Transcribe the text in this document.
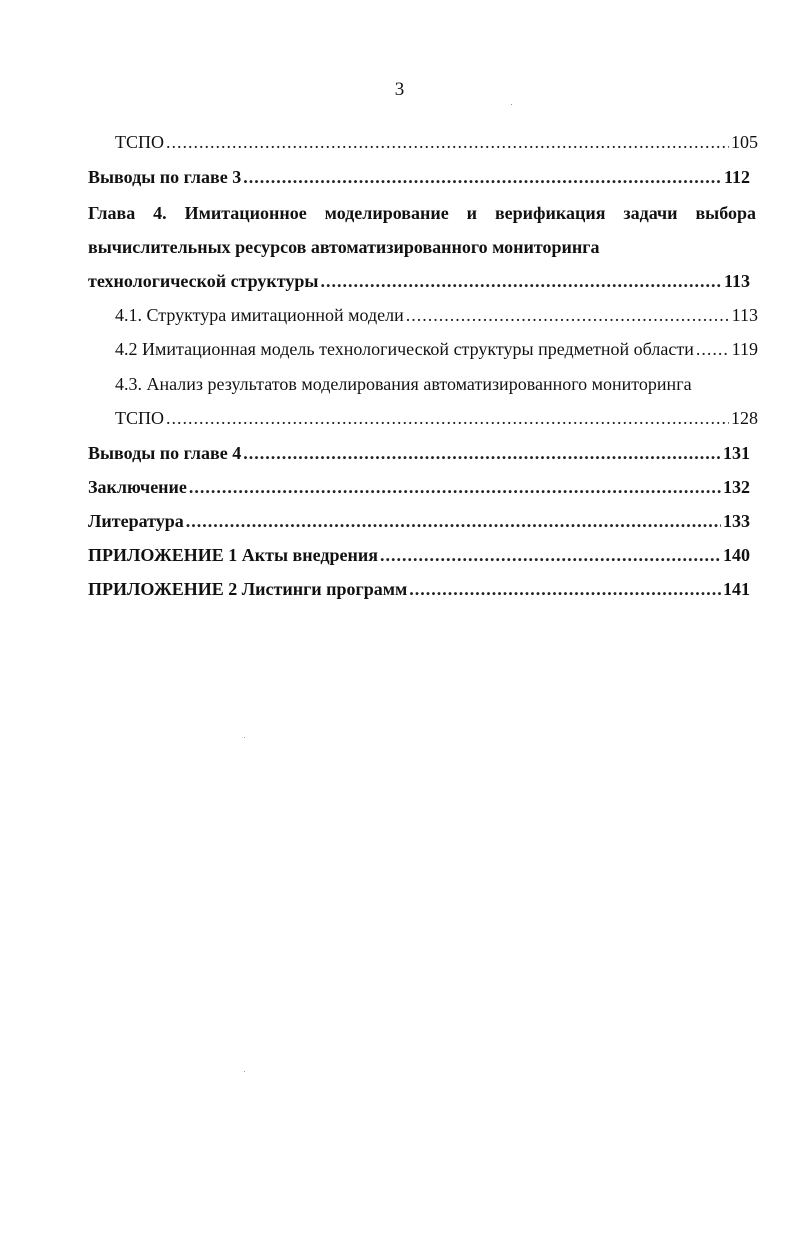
3
ТСПО .....	105
Выводы по главе 3 .....	112
Глава 4. Имитационное моделирование и верификация задачи выбора
вычислительных ресурсов автоматизированного мониторинга
технологической структуры .....	113
4.1. Структура имитационной модели .....	113
4.2 Имитационная модель технологической структуры предметной области ..... 119
4.3. Анализ результатов моделирования автоматизированного мониторинга
ТСПО .....	128
Выводы по главе 4 .....	131
Заключение .....	132
Литература .....	133
ПРИЛОЖЕНИЕ 1 Акты внедрения .....	140
ПРИЛОЖЕНИЕ 2 Листинги программ .....	141
